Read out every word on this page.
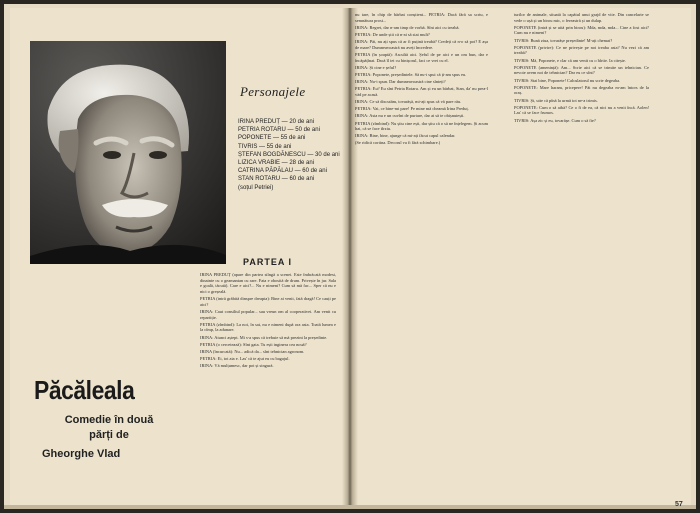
Personajele
IRINA PREDUȚ — 20 de ani
PETRIA ROTARU — 50 de ani
POPONETE — 55 de ani
TIVRIS — 55 de ani
ȘTEFAN BOGDĂNESCU — 30 de ani
LIZICA VRABIE — 28 de ani
CATRINA PĂPĂLAU — 60 de ani
STAN ROTARU — 60 de ani
(soțul Petriei)
PARTEA I
Păcăleala
Comedie în două părți de
Gheorghe Vlad

IRINA PREDUȚ (apare din partea stîngă a scenei. Este îmbrăcată modest, dinainte cu o geamantan cu rare. Fata e obosită de drum. Privește în jur. Sala e goală, tăcută). Care e aici?... Nu e nimeni? Cum să mă fac... Sper că nu e nici o greșeală.

PETRIA (intră grăbită dinspre dreapta): Bine ai venit, fată dragă! Ce cauți pe aici?

IRINA: Caut consiliul popular... sau vreun om al cooperativei. Am venit cu repartiție.

PETRIA (zîmbind): La noi, în sat, nu e nimeni după ora asta. Toată lumea e la cîmp, la adunare.

IRINA: Atunci aștept. Mi s-a spus că trebuie să mă prezint la președinte.

PETRIA (o cercetează): Sînt gata. Tu ești inginera cea nouă?

IRINA (încurcată): Nu... adică da... sînt tehnician agronom.

PETRIA: Ei, tot aia e. Las' că te ajut eu cu bagajul.

IRINA: Vă mulțumesc, dar pot și singură.

nu tare, în chip de bărbat conștient... PETRIA: Dacă fără sa scriu, e semnătura prost...

IRINA: Regret, dar n-am timp de vorbă. Sînt aici cu treabă.

PETRIA: De unde știi că n-ai să stai mult?

IRINA: Păi, nu ați spus că ar fi puțină treabă? Credeți că n-o să pot? E așa de mare? Dumneavoastră nu aveți încredere.

PETRIA (în șoaptă): Ascultă aici. Șeful de pe aici e un om bun, dar e încăpățînat. Dacă îl iei cu binișorul, faci ce vrei cu el.

IRINA: Și cine e șeful?

PETRIA: Poponete, președintele. Să nu-i spui că ți-am spus eu.

IRINA: Nu-i spun. Dar dumneavoastră cine sînteți?

PETRIA: Eu? Eu sînt Petria Rotaru. Am și eu un bărbat, Stan, da' nu prea-l văd pe acasă.

IRINA: Ce să discutăm, tovarășă, mi-ați spus că vă pare rău.

PETRIA: Vai, ce bine-mi pare! Pe mine mă cheamă Irina Preduț.

IRINA: Asta nu e un cuvînt de purtare, dar ai să te obișnuiești.

PETRIA (zîmbind): Nu știu cine ești, dar știu că o să ne înțelegem. Și acum hai, că se face tîrziu.

IRINA: Bine, bine, ajunge că mi-ați făcut capul calendar.

(Se ridică cortina. Decorul va fi fără schimbare.)

turilor de animale, situată la capătul unui grajd de vite. Din cancelarie se vede o ușă și un birou mic, o fereastră și un dulap.

POPONETE (intră și se uită prin birou): Mda, mda, mda... Cine a fost aici? Cum nu e nimeni?

TIVRIS: Bună ziua, tovarășe președinte! M-ați chemat?

POPONETE (privire): Ce ne privește pe noi treaba asta? Nu vezi că am treabă?

TIVRIS: Mă, Poponete, e clar că am venit cu o hîrtie. Ia citește.

POPONETE (amenință): Am... Scrie aici că se trimite un tehnician. Ce nevoie avem noi de tehnician? Dar eu ce sînt?

TIVRIS: Stai bine, Poponete! Calculatorul nu scrie degeaba.

POPONETE: Mare haram, pricepere! Păi nu degeaba m-am întors de la oraș.

TIVRIS: Și, uite că pînă la urmă tot ne-a trimis.

POPONETE: Cum o să aibă? Ce o fi de ea, că nici nu a venit încă. Aolen! Las' că se face frumos.

TIVRIS: Așa zic și eu, tovarășe. Cum o să fie?

57
